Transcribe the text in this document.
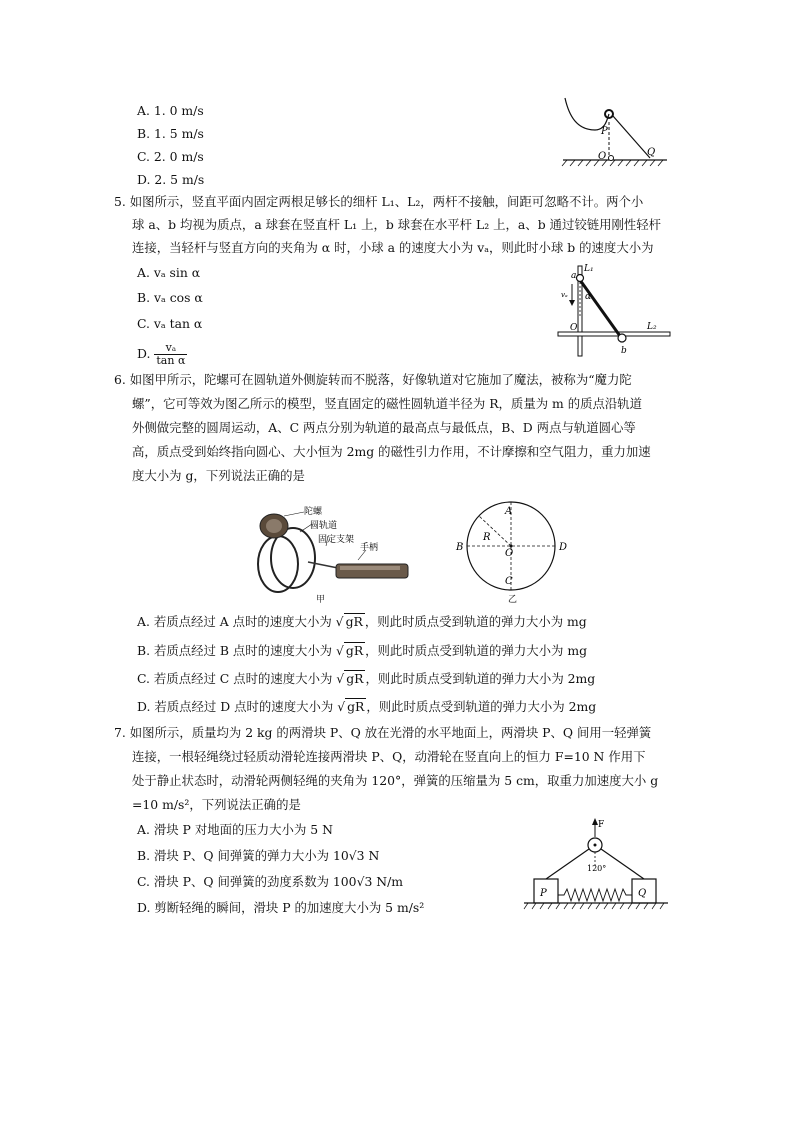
A. 1. 0 m/s
B. 1. 5 m/s
C. 2. 0 m/s
D. 2. 5 m/s
P
O	Q
5. 如图所示，竖直平面内固定两根足够长的细杆 L₁、L₂，两杆不接触，间距可忽略不计。两个小
球 a、b 均视为质点，a 球套在竖直杆 L₁ 上，b 球套在水平杆 L₂ 上，a、b 通过铰链用刚性轻杆
连接，当轻杆与竖直方向的夹角为 α 时，小球 a 的速度大小为 vₐ，则此时小球 b 的速度大小为
A. vₐ sin α
B. vₐ cos α
C. vₐ tan α
D. $\frac{\text{vₐ}}{\text{tan α}}$
L₁
L₂
a
b
O
α
vₐ
6. 如图甲所示，陀螺可在圆轨道外侧旋转而不脱落，好像轨道对它施加了魔法，被称为“魔力陀
螺”，它可等效为图乙所示的模型，竖直固定的磁性圆轨道半径为 R，质量为 m 的质点沿轨道
外侧做完整的圆周运动，A、C 两点分别为轨道的最高点与最低点，B、D 两点与轨道圆心等
高，质点受到始终指向圆心、大小恒为 2mg 的磁性引力作用，不计摩擦和空气阻力，重力加速
度大小为 g，下列说法正确的是
陀螺
圆轨道
固定支架
手柄
甲
A
B
C
D
O
R
乙
A. 若质点经过 A 点时的速度大小为 √ gR ，则此时质点受到轨道的弹力大小为 mg
B. 若质点经过 B 点时的速度大小为 √ gR ，则此时质点受到轨道的弹力大小为 mg
C. 若质点经过 C 点时的速度大小为 √ gR ，则此时质点受到轨道的弹力大小为 2mg
D. 若质点经过 D 点时的速度大小为 √ gR ，则此时质点受到轨道的弹力大小为 2mg
7. 如图所示，质量均为 2 kg 的两滑块 P、Q 放在光滑的水平地面上，两滑块 P、Q 间用一轻弹簧
连接，一根轻绳绕过轻质动滑轮连接两滑块 P、Q，动滑轮在竖直向上的恒力 F=10 N 作用下
处于静止状态时，动滑轮两侧轻绳的夹角为 120°，弹簧的压缩量为 5 cm，取重力加速度大小 g
=10 m/s²，下列说法正确的是
A. 滑块 P 对地面的压力大小为 5 N
B. 滑块 P、Q 间弹簧的弹力大小为 10√3 N
C. 滑块 P、Q 间弹簧的劲度系数为 100√3 N/m
D. 剪断轻绳的瞬间，滑块 P 的加速度大小为 5 m/s²
F
120°
P	Q
